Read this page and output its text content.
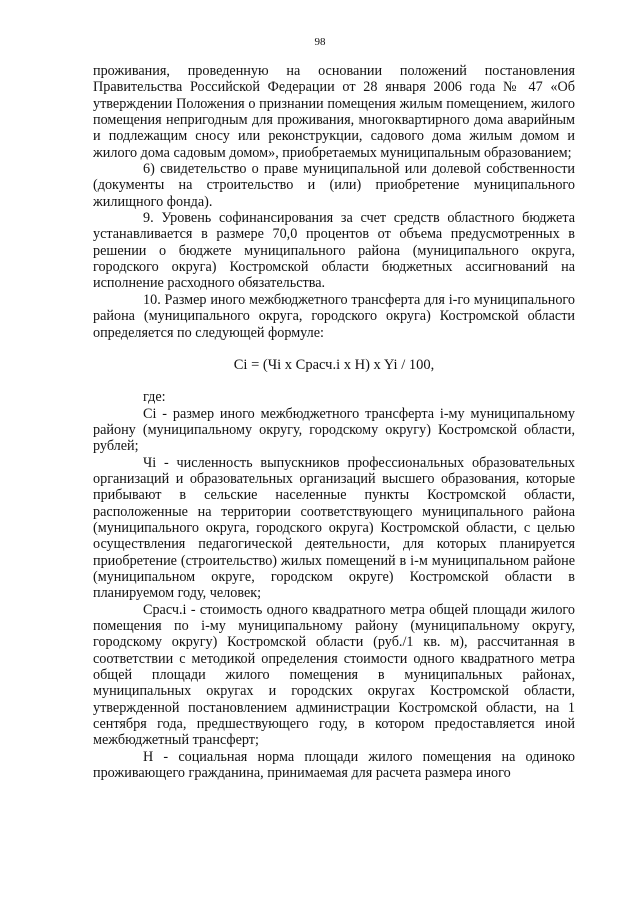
98

проживания, проведенную на основании положений постановления Правительства Российской Федерации от 28 января 2006 года № 47 «Об утверждении Положения о признании помещения жилым помещением, жилого помещения непригодным для проживания, многоквартирного дома аварийным и подлежащим сносу или реконструкции, садового дома жилым домом и жилого дома садовым домом», приобретаемых муниципальным образованием;

6) свидетельство о праве муниципальной или долевой собственности (документы на строительство и (или) приобретение муниципального жилищного фонда).

9. Уровень софинансирования за счет средств областного бюджета устанавливается в размере 70,0 процентов от объема предусмотренных в решении о бюджете муниципального района (муниципального округа, городского округа) Костромской области бюджетных ассигнований на исполнение расходного обязательства.

10. Размер иного межбюджетного трансферта для i-го муниципального района (муниципального округа, городского округа) Костромской области определяется по следующей формуле:

Ci = (Чi x Срасч.i x H) x Yi / 100,

где:

Ci - размер иного межбюджетного трансферта i-му муниципальному району (муниципальному округу, городскому округу) Костромской области, рублей;

Чi - численность выпускников профессиональных образовательных организаций и образовательных организаций высшего образования, которые прибывают в сельские населенные пункты Костромской области, расположенные на территории соответствующего муниципального района (муниципального округа, городского округа) Костромской области, с целью осуществления педагогической деятельности, для которых планируется приобретение (строительство) жилых помещений в i-м муниципальном районе (муниципальном округе, городском округе) Костромской области в планируемом году, человек;

Срасч.i - стоимость одного квадратного метра общей площади жилого помещения по i-му муниципальному району (муниципальному округу, городскому округу) Костромской области (руб./1 кв. м), рассчитанная в соответствии с методикой определения стоимости одного квадратного метра общей площади жилого помещения в муниципальных районах, муниципальных округах и городских округах Костромской области, утвержденной постановлением администрации Костромской области, на 1 сентября года, предшествующего году, в котором предоставляется иной межбюджетный трансферт;

H - социальная норма площади жилого помещения на одиноко проживающего гражданина, принимаемая для расчета размера иного
